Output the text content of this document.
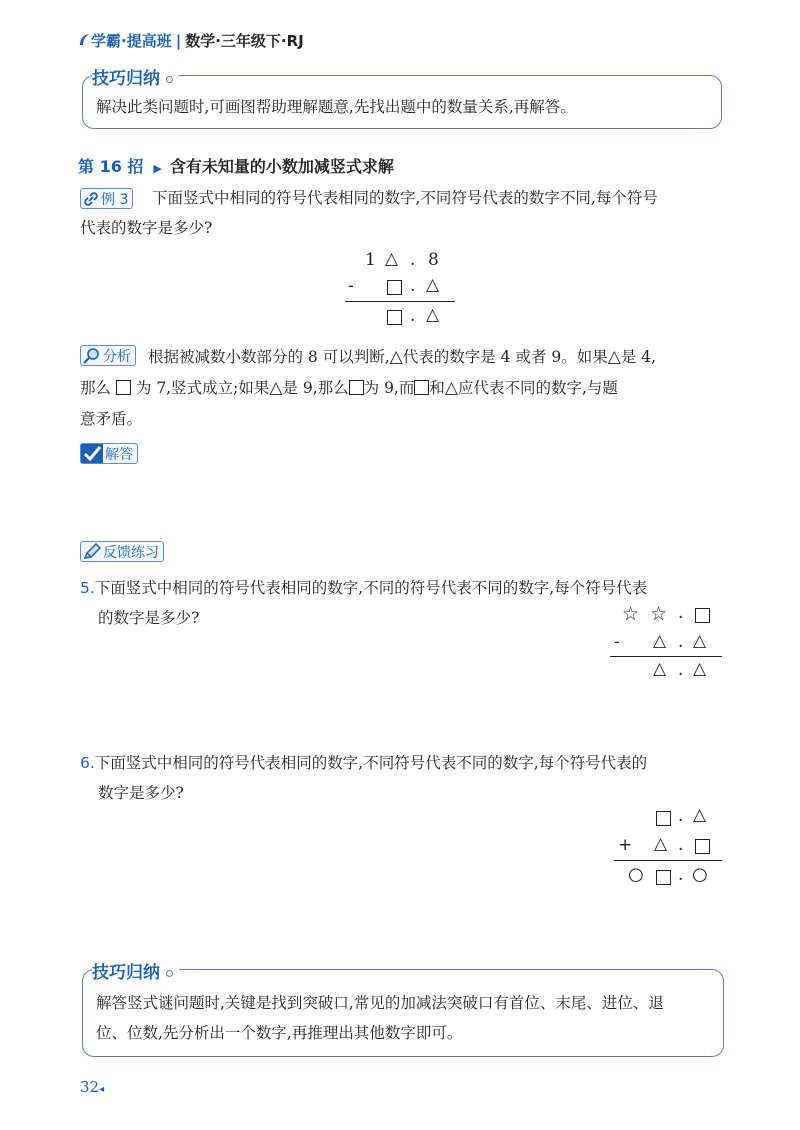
学霸·提高班 | 数学·三年级下·RJ
技巧归纳
解决此类问题时,可画图帮助理解题意,先找出题中的数量关系,再解答。
第 16 招 ▶ 含有未知量的小数加减竖式求解
例 3 下面竖式中相同的符号代表相同的数字,不同符号代表的数字不同,每个符号
代表的数字是多少?
1 △ . 8
-	. △
. △
分析 根据被减数小数部分的 8 可以判断,△代表的数字是 4 或者 9。如果△是 4,
那么 为 7,竖式成立;如果△是 9,那么 为 9,而 和△应代表不同的数字,与题
意矛盾。
解答
反馈练习
5.下面竖式中相同的符号代表相同的数字,不同的符号代表不同的数字,每个符号代表
的数字是多少?	☆ ☆ .
- △ . △
△ . △
6.下面竖式中相同的符号代表相同的数字,不同符号代表不同的数字,每个符号代表的
数字是多少?
. △
+ △ .
○ . ○
技巧归纳
解答竖式谜问题时,关键是找到突破口,常见的加减法突破口有首位、末尾、进位、退
位、位数,先分析出一个数字,再推理出其他数字即可。
32◂
